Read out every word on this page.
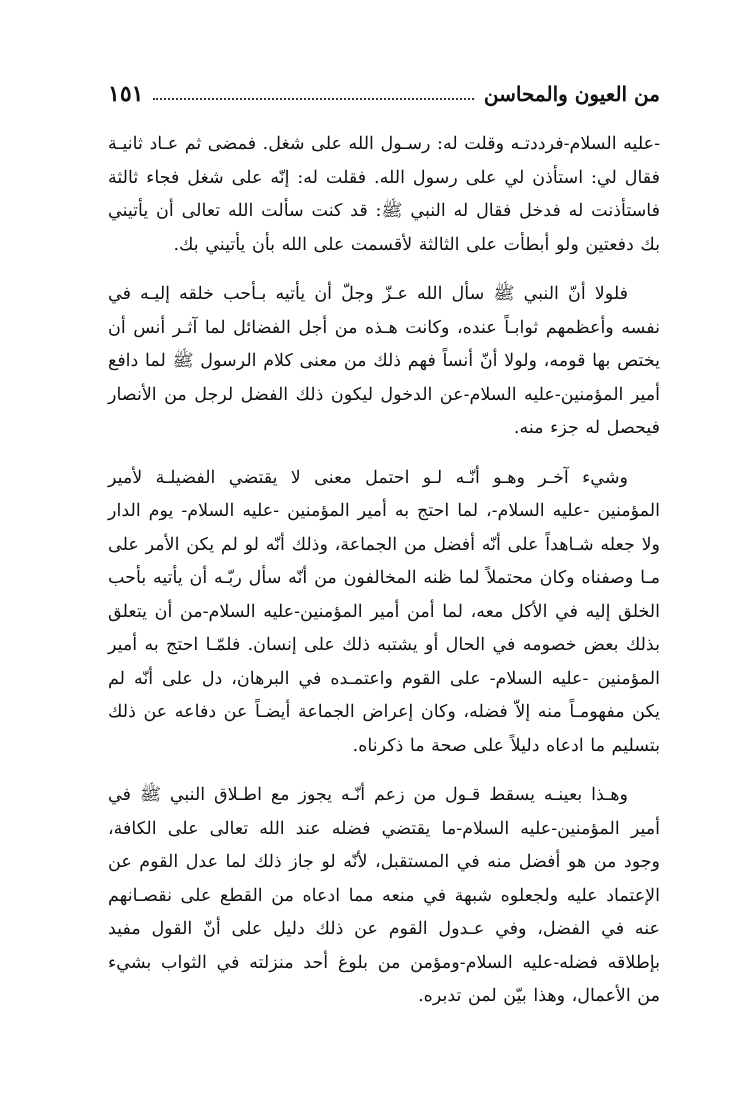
من العيون والمحاسن
١٥١

-عليه السلام-فرددتـه وقلت له: رسـول الله على شغل. فمضى ثم عـاد ثانيـة فقال لي: استأذن لي على رسول الله. فقلت له: إنّه على شغل فجاء ثالثة فاستأذنت له فدخل فقال له النبي ﷺ: قد كنت سألت الله تعالى أن يأتيني بك دفعتين ولو أبطأت على الثالثة لأقسمت على الله بأن يأتيني بك.

فلولا أنّ النبي ﷺ سأل الله عـزّ وجلّ أن يأتيه بـأحب خلقه إليـه في نفسه وأعظمهم ثوابـاً عنده، وكانت هـذه من أجل الفضائل لما آثـر أنس أن يختص بها قومه، ولولا أنّ أنساً فهم ذلك من معنى كلام الرسول ﷺ لما دافع أمير المؤمنين-عليه السلام-عن الدخول ليكون ذلك الفضل لرجل من الأنصار فيحصل له جزء منه.

وشيء آخـر وهـو أنّـه لـو احتمل معنى لا يقتضي الفضيلـة لأمير المؤمنين -عليه السلام-، لما احتج به أمير المؤمنين -عليه السلام- يوم الدار ولا جعله شـاهداً على أنّه أفضل من الجماعة، وذلك أنّه لو لم يكن الأمر على مـا وصفناه وكان محتملاً لما ظنه المخالفون من أنّه سأل ربّـه أن يأتيه بأحب الخلق إليه في الأكل معه، لما أمن أمير المؤمنين-عليه السلام-من أن يتعلق بذلك بعض خصومه في الحال أو يشتبه ذلك على إنسان. فلمّـا احتج به أمير المؤمنين -عليه السلام- على القوم واعتمـده في البرهان، دل على أنّه لم يكن مفهومـاً منه إلاّ فضله، وكان إعراض الجماعة أيضـاً عن دفاعه عن ذلك بتسليم ما ادعاه دليلاً على صحة ما ذكرناه.

وهـذا بعينـه يسقط قـول من زعم أنّـه يجوز مع اطـلاق النبي ﷺ في أمير المؤمنين-عليه السلام-ما يقتضي فضله عند الله تعالى على الكافة، وجود من هو أفضل منه في المستقبل، لأنّه لو جاز ذلك لما عدل القوم عن الإعتماد عليه ولجعلوه شبهة في منعه مما ادعاه من القطع على نقصـانهم عنه في الفضل، وفي عـدول القوم عن ذلك دليل على أنّ القول مفيد بإطلاقه فضله-عليه السلام-ومؤمن من بلوغ أحد منزلته في الثواب بشيء من الأعمال، وهذا بيّن لمن تدبره.
